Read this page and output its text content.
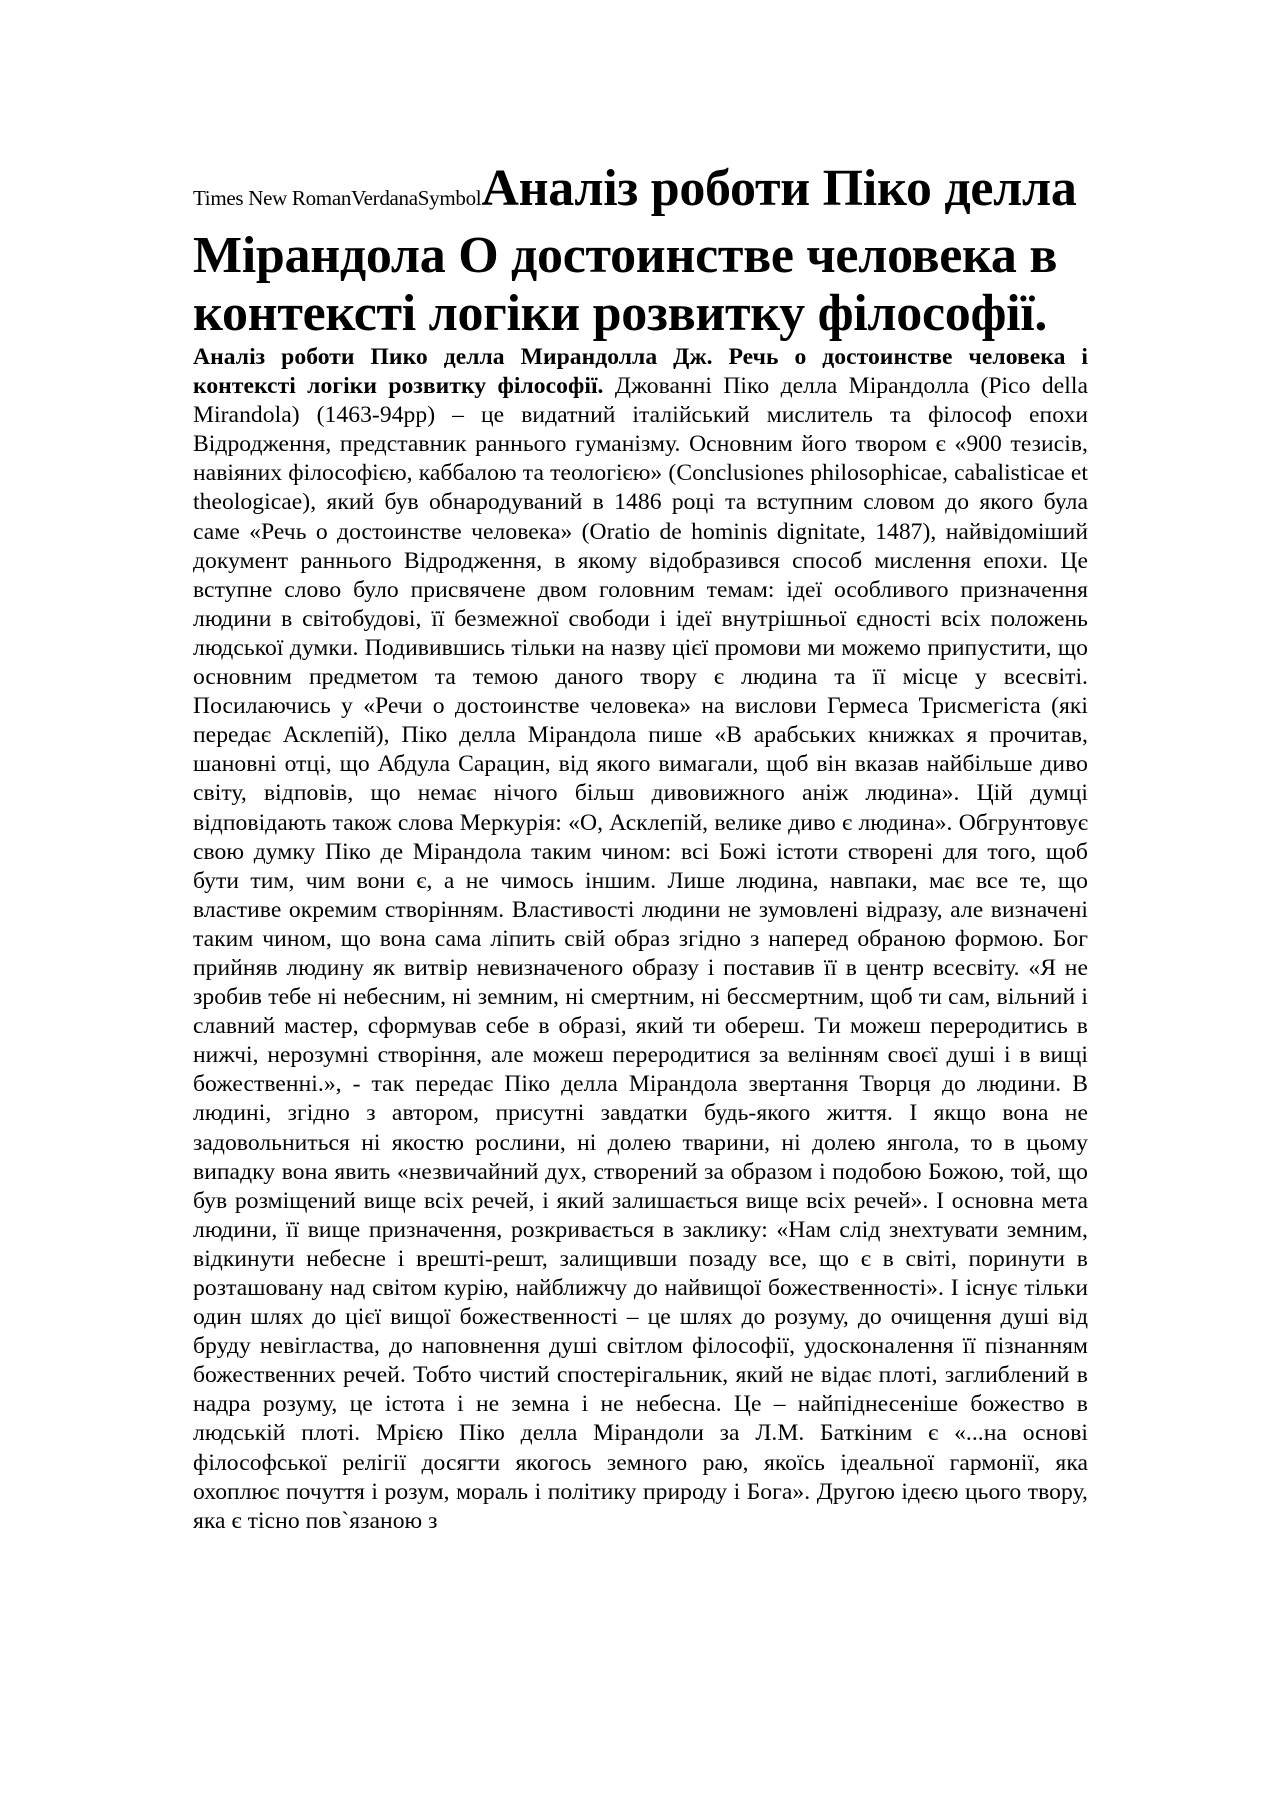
Times New RomanVerdanaSymbolАналіз роботи Піко делла Мірандола О достоинстве человека в контексті логіки розвитку філософії.

Аналіз роботи Пико делла Мирандолла Дж. Речь о достоинстве человека і контексті логіки розвитку філософії. Джованні Піко делла Мірандолла (Pico della Mirandola) (1463-94рр) – це видатний італійський мислитель та філософ епохи Відродження, представник раннього гуманізму. Основним його твором є «900 тезисів, навіяних філософією, каббалою та теологією» (Conclusiones philosophicae, cabalisticae et theologicae), який був обнародуваний в 1486 році та вступним словом до якого була саме «Речь о достоинстве человека» (Oratio de hominis dignitate, 1487), найвідоміший документ раннього Відродження, в якому відобразився способ мислення епохи. Це вступне слово було присвячене двом головним темам: ідеї особливого призначення людини в світобудові, її безмежної свободи і ідеї внутрішньої єдності всіх положень людської думки. Подивившись тільки на назву цієї промови ми можемо припустити, що основним предметом та темою даного твору є людина та її місце у всесвіті. Посилаючись у «Речи о достоинстве человека» на вислови Гермеса Трисмегіста (які передає Асклепій), Піко делла Мірандола пише «В арабських книжках я прочитав, шановні отці, що Абдула Сарацин, від якого вимагали, щоб він вказав найбільше диво світу, відповів, що немає нічого більш дивовижного аніж людина». Цій думці відповідають також слова Меркурія: «О, Асклепій, велике диво є людина». Обгрунтовує свою думку Піко де Мірандола таким чином: всі Божі істоти створені для того, щоб бути тим, чим вони є, а не чимось іншим. Лише людина, навпаки, має все те, що властиве окремим створінням. Властивості людини не зумовлені відразу, але визначені таким чином, що вона сама ліпить свій образ згідно з наперед обраною формою. Бог прийняв людину як витвір невизначеного образу і поставив її в центр всесвіту. «Я не зробив тебе ні небесним, ні земним, ні смертним, ні бессмертним, щоб ти сам, вільний і славний мастер, сформував себе в образі, який ти обереш. Ти можеш переродитись в нижчі, нерозумні створіння, але можеш переродитися за велінням своєї душі і в вищі божественні.», - так передає Піко делла Мірандола звертання Творця до людини. В людині, згідно з автором, присутні завдатки будь-якого життя. І якщо вона не задовольниться ні якостю рослини, ні долею тварини, ні долею янгола, то в цьому випадку вона явить «незвичайний дух, створений за образом і подобою Божою, той, що був розміщений вище всіх речей, і який залишається вище всіх речей». І основна мета людини, її вище призначення, розкривається в заклику: «Нам слід знехтувати земним, відкинути небесне і врешті-решт, залищивши позаду все, що є в світі, поринути в розташовану над світом курію, найближчу до найвищої божественності». І існує тільки один шлях до цієї вищої божественності – це шлях до розуму, до очищення душі від бруду невігластва, до наповнення душі світлом філософії, удосконалення її пізнанням божественних речей. Тобто чистий спостерігальник, який не відає плоті, заглиблений в надра розуму, це істота і не земна і не небесна. Це – найпіднесеніше божество в людській плоті. Мрією Піко делла Мірандоли за Л.М. Баткіним є «...на основі філософської релігії досягти якогось земного раю, якоїсь ідеальної гармонії, яка охоплює почуття і розум, мораль і політику природу і Бога». Другою ідеєю цього твору, яка є тісно пов`язаною з
